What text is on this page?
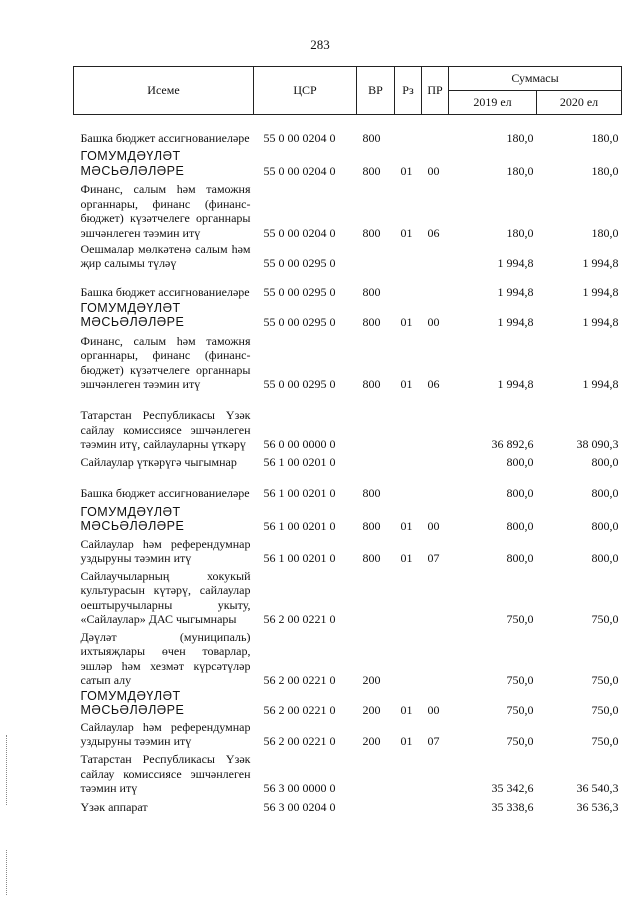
283
Исеме	ЦСР	ВР	Рз	ПР	Суммасы	
					2019 ел	2020 ел
Башка бюджет ассигнованиеләре	55 0 00 0204 0	800			180,0	180,0
ГОМУМДӘҮЛӘТ МӘСЬӘЛӘЛӘРЕ	55 0 00 0204 0	800	01	00	180,0	180,0
Финанс, салым һәм таможня органнары, финанс (финанс-бюджет) күзәтчелеге органнары эшчәнлеген тәэмин итү	55 0 00 0204 0	800	01	06	180,0	180,0
Оешмалар мөлкәтенә салым һәм җир салымы түләү	55 0 00 0295 0				1 994,8	1 994,8
Башка бюджет ассигнованиеләре	55 0 00 0295 0	800			1 994,8	1 994,8
ГОМУМДӘҮЛӘТ МӘСЬӘЛӘЛӘРЕ	55 0 00 0295 0	800	01	00	1 994,8	1 994,8
Финанс, салым һәм таможня органнары, финанс (финанс-бюджет) күзәтчелеге органнары эшчәнлеген тәэмин итү	55 0 00 0295 0	800	01	06	1 994,8	1 994,8
Татарстан Республикасы Үзәк сайлау комиссиясе эшчәнлеген тәэмин итү, сайлауларны үткәрү	56 0 00 0000 0				36 892,6	38 090,3
Сайлаулар үткәрүгә чыгымнар	56 1 00 0201 0				800,0	800,0
Башка бюджет ассигнованиеләре	56 1 00 0201 0	800			800,0	800,0
ГОМУМДӘҮЛӘТ МӘСЬӘЛӘЛӘРЕ	56 1 00 0201 0	800	01	00	800,0	800,0
Сайлаулар һәм референдумнар уздыруны тәэмин итү	56 1 00 0201 0	800	01	07	800,0	800,0
Сайлаучыларның хокукый культурасын күтәрү, сайлаулар оештыручыларны укыту, «Сайлаулар» ДАС чыгымнары	56 2 00 0221 0				750,0	750,0
Дәүләт (муниципаль) ихтыяҗлары өчен товарлар, эшләр һәм хезмәт күрсәтүләр сатып алу	56 2 00 0221 0	200			750,0	750,0
ГОМУМДӘҮЛӘТ МӘСЬӘЛӘЛӘРЕ	56 2 00 0221 0	200	01	00	750,0	750,0
Сайлаулар һәм референдумнар уздыруны тәэмин итү	56 2 00 0221 0	200	01	07	750,0	750,0
Татарстан Республикасы Үзәк сайлау комиссиясе эшчәнлеген тәэмин итү	56 3 00 0000 0				35 342,6	36 540,3
Үзәк аппарат	56 3 00 0204 0				35 338,6	36 536,3
